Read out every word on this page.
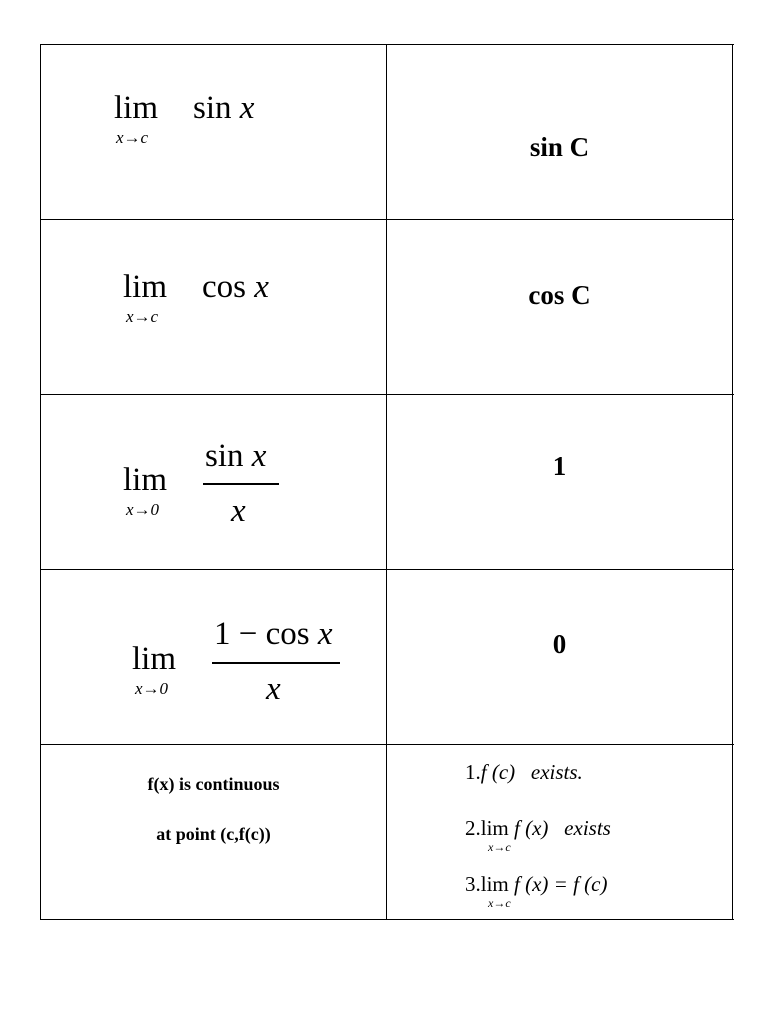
lim
x→c
sin x
sin C
lim
x→c
cos x	cos C
lim
x→0
sin x
x
1
lim
x→0
1 − cos x
x
0
f(x) is continuous
at point (c,f(c))
1.f (c) exists.
2.lim f (x) exists
x→c
3.lim f (x) = f (c)
x→c
